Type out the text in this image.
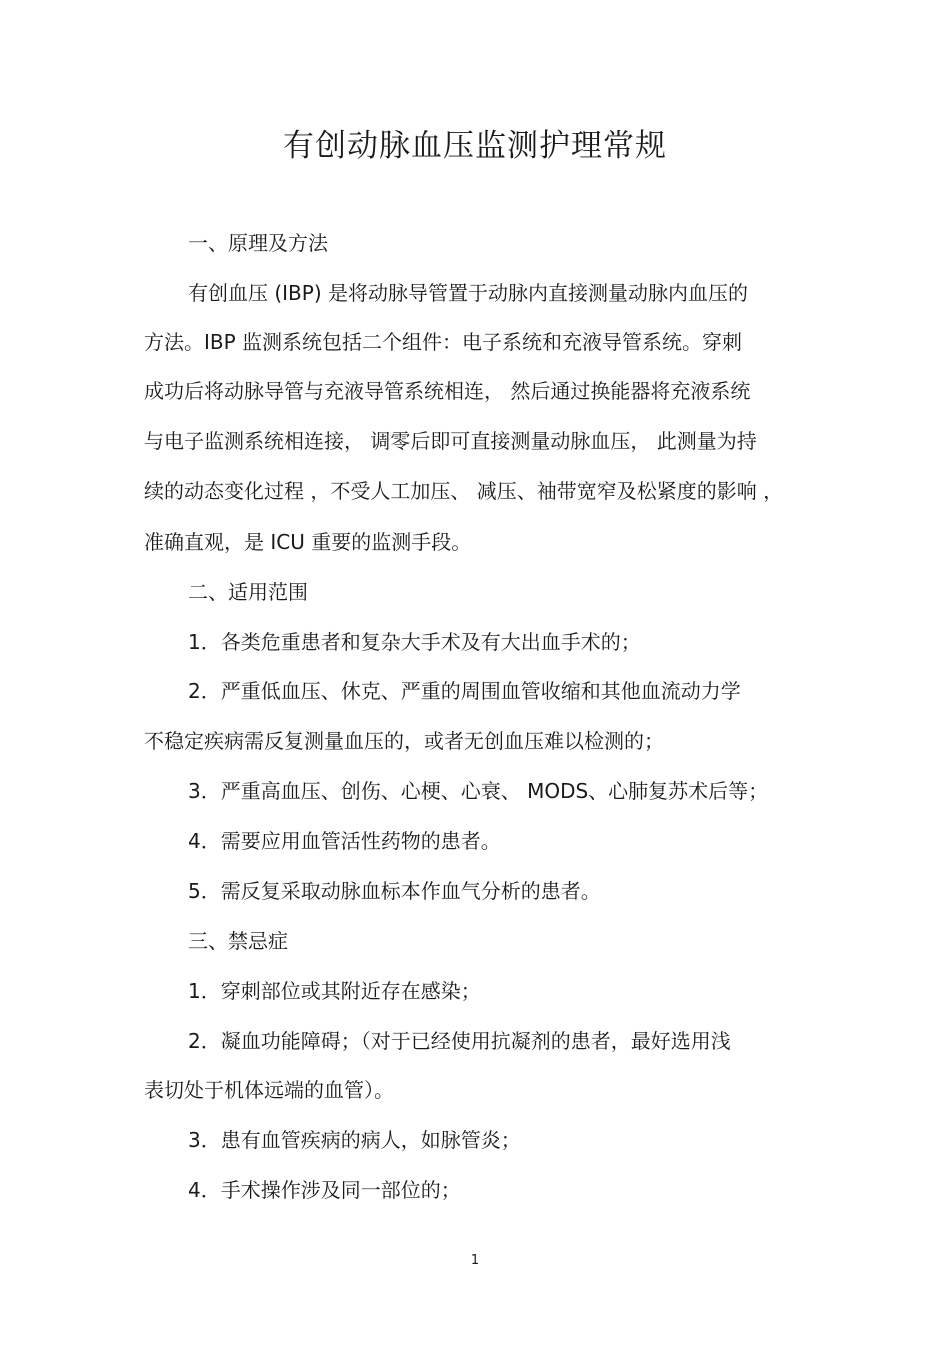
有创动脉血压监测护理常规
一、原理及方法
有创血压 (IBP) 是将动脉导管置于动脉内直接测量动脉内血压的
方法。IBP 监测系统包括二个组件：电子系统和充液导管系统。穿刺
成功后将动脉导管与充液导管系统相连， 然后通过换能器将充液系统
与电子监测系统相连接， 调零后即可直接测量动脉血压， 此测量为持
续的动态变化过程 ，不受人工加压、 减压、袖带宽窄及松紧度的影响 ，
准确直观，是 ICU 重要的监测手段。
二、适用范围
1．各类危重患者和复杂大手术及有大出血手术的；
2．严重低血压、休克、严重的周围血管收缩和其他血流动力学
不稳定疾病需反复测量血压的，或者无创血压难以检测的；
3．严重高血压、创伤、心梗、心衰、 MODS、心肺复苏术后等；
4．需要应用血管活性药物的患者。
5．需反复采取动脉血标本作血气分析的患者。
三、禁忌症
1．穿刺部位或其附近存在感染；
2．凝血功能障碍；（对于已经使用抗凝剂的患者，最好选用浅
表切处于机体远端的血管）。
3．患有血管疾病的病人，如脉管炎；
4．手术操作涉及同一部位的；
1
